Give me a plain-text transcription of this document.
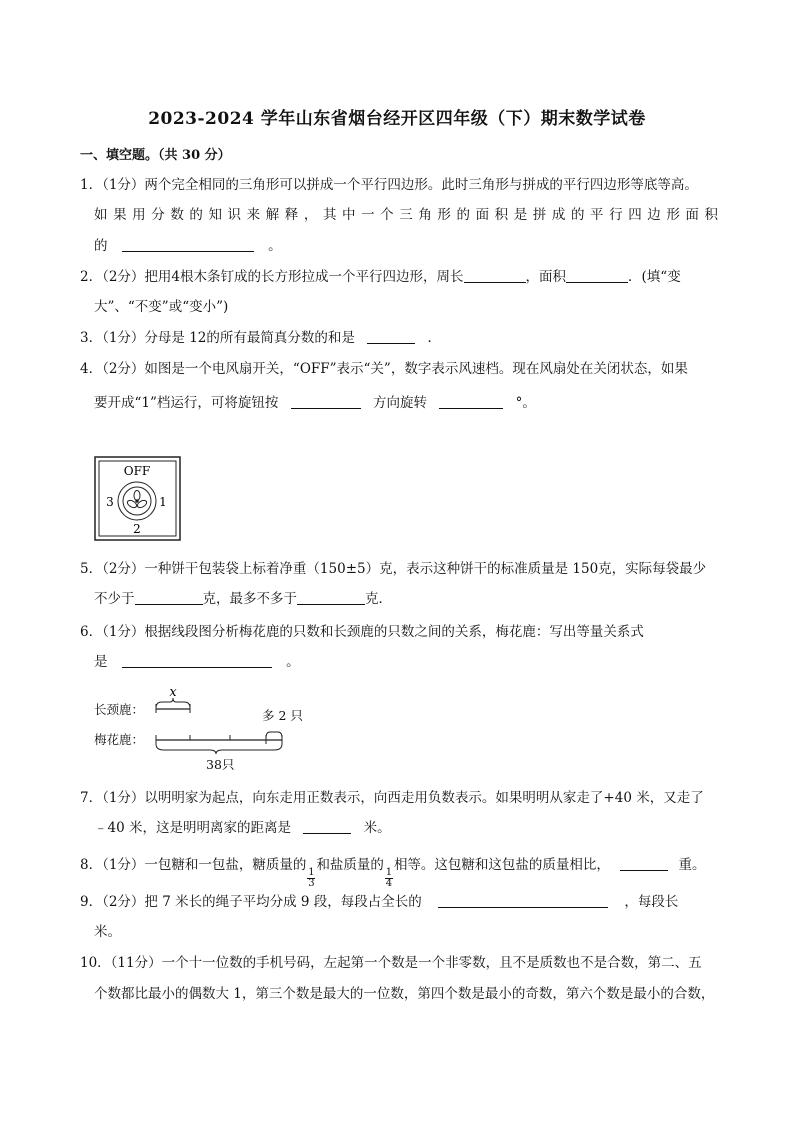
2023-2024 学年山东省烟台经开区四年级（下）期末数学试卷
一、填空题。（共 30 分）
1．（1分）两个完全相同的三角形可以拼成一个平行四边形。此时三角形与拼成的平行四边形等底等高。
如 果 用 分 数 的 知 识 来 解 释 ， 其 中 一 个 三 角 形 的 面 积 是 拼 成 的 平 行 四 边 形 面 积
的	。
2．（2分）把用4根木条钉成的长方形拉成一个平行四边形，周长	，面积	．(填“变
大”、“不变”或“变小”)
3．（1分）分母是 12的所有最简真分数的和是	．
4．（2分）如图是一个电风扇开关，“OFF”表示“关”，数字表示风速档。现在风扇处在关闭状态，如果
要开成“1”档运行，可将旋钮按	方向旋转	°。
OFF
3	1
2
5．（2分）一种饼干包装袋上标着净重（150±5）克，表示这种饼干的标准质量是 150克，实际每袋最少
不少于	克，最多不多于	克．
6．（1分）根据线段图分析梅花鹿的只数和长颈鹿的只数之间的关系，梅花鹿：写出等量关系式
是	。
长颈鹿：
梅花鹿：
多 2 只
38只
x
7．（1分）以明明家为起点，向东走用正数表示，向西走用负数表示。如果明明从家走了+40 米，又走了
﹣40 米，这是明明离家的距离是	米。
8．（1分）一包糖和一包盐，糖质量的
$\frac{1}{3}$
和盐质量的
$\frac{1}{4}$
相等。这包糖和这包盐的质量相比，	重。
9．（2分）把 7 米长的绳子平均分成 9 段，每段占全长的	，每段长
米。
10．（11分）一个十一位数的手机号码，左起第一个数是一个非零数，且不是质数也不是合数，第二、五
个数都比最小的偶数大 1，第三个数是最大的一位数，第四个数是最小的奇数，第六个数是最小的合数，
